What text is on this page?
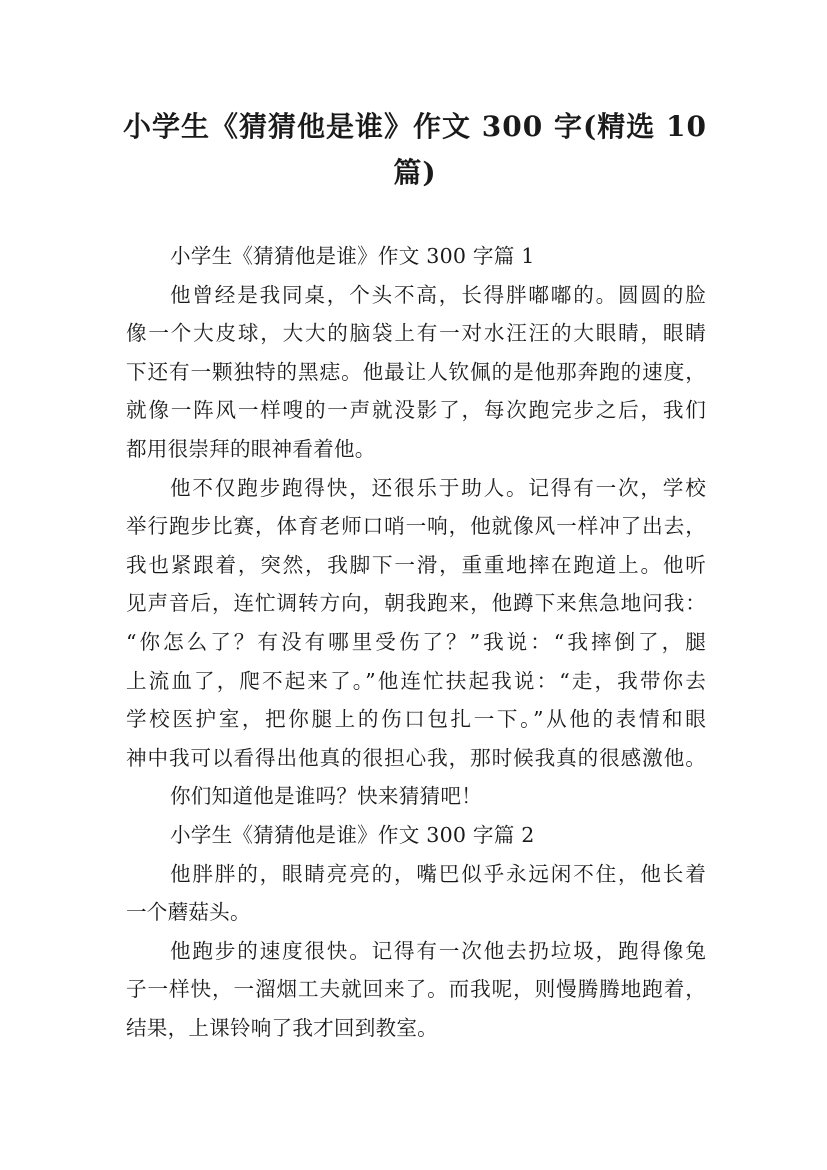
小学生《猜猜他是谁》作文 300 字(精选 10
篇)
小学生《猜猜他是谁》作文 300 字篇 1
他曾经是我同桌，个头不高，长得胖嘟嘟的。圆圆的脸
像一个大皮球，大大的脑袋上有一对水汪汪的大眼睛，眼睛
下还有一颗独特的黑痣。他最让人钦佩的是他那奔跑的速度，
就像一阵风一样嗖的一声就没影了，每次跑完步之后，我们
都用很崇拜的眼神看着他。
他不仅跑步跑得快，还很乐于助人。记得有一次，学校
举行跑步比赛，体育老师口哨一响，他就像风一样冲了出去，
我也紧跟着，突然，我脚下一滑，重重地摔在跑道上。他听
见声音后，连忙调转方向，朝我跑来，他蹲下来焦急地问我：
“你怎么了？有没有哪里受伤了？”我说：“我摔倒了，腿
上流血了，爬不起来了。”他连忙扶起我说：“走，我带你去
学校医护室，把你腿上的伤口包扎一下。”从他的表情和眼
神中我可以看得出他真的很担心我，那时候我真的很感激他。
你们知道他是谁吗？快来猜猜吧！
小学生《猜猜他是谁》作文 300 字篇 2
他胖胖的，眼睛亮亮的，嘴巴似乎永远闲不住，他长着
一个蘑菇头。
他跑步的速度很快。记得有一次他去扔垃圾，跑得像兔
子一样快，一溜烟工夫就回来了。而我呢，则慢腾腾地跑着，
结果，上课铃响了我才回到教室。
